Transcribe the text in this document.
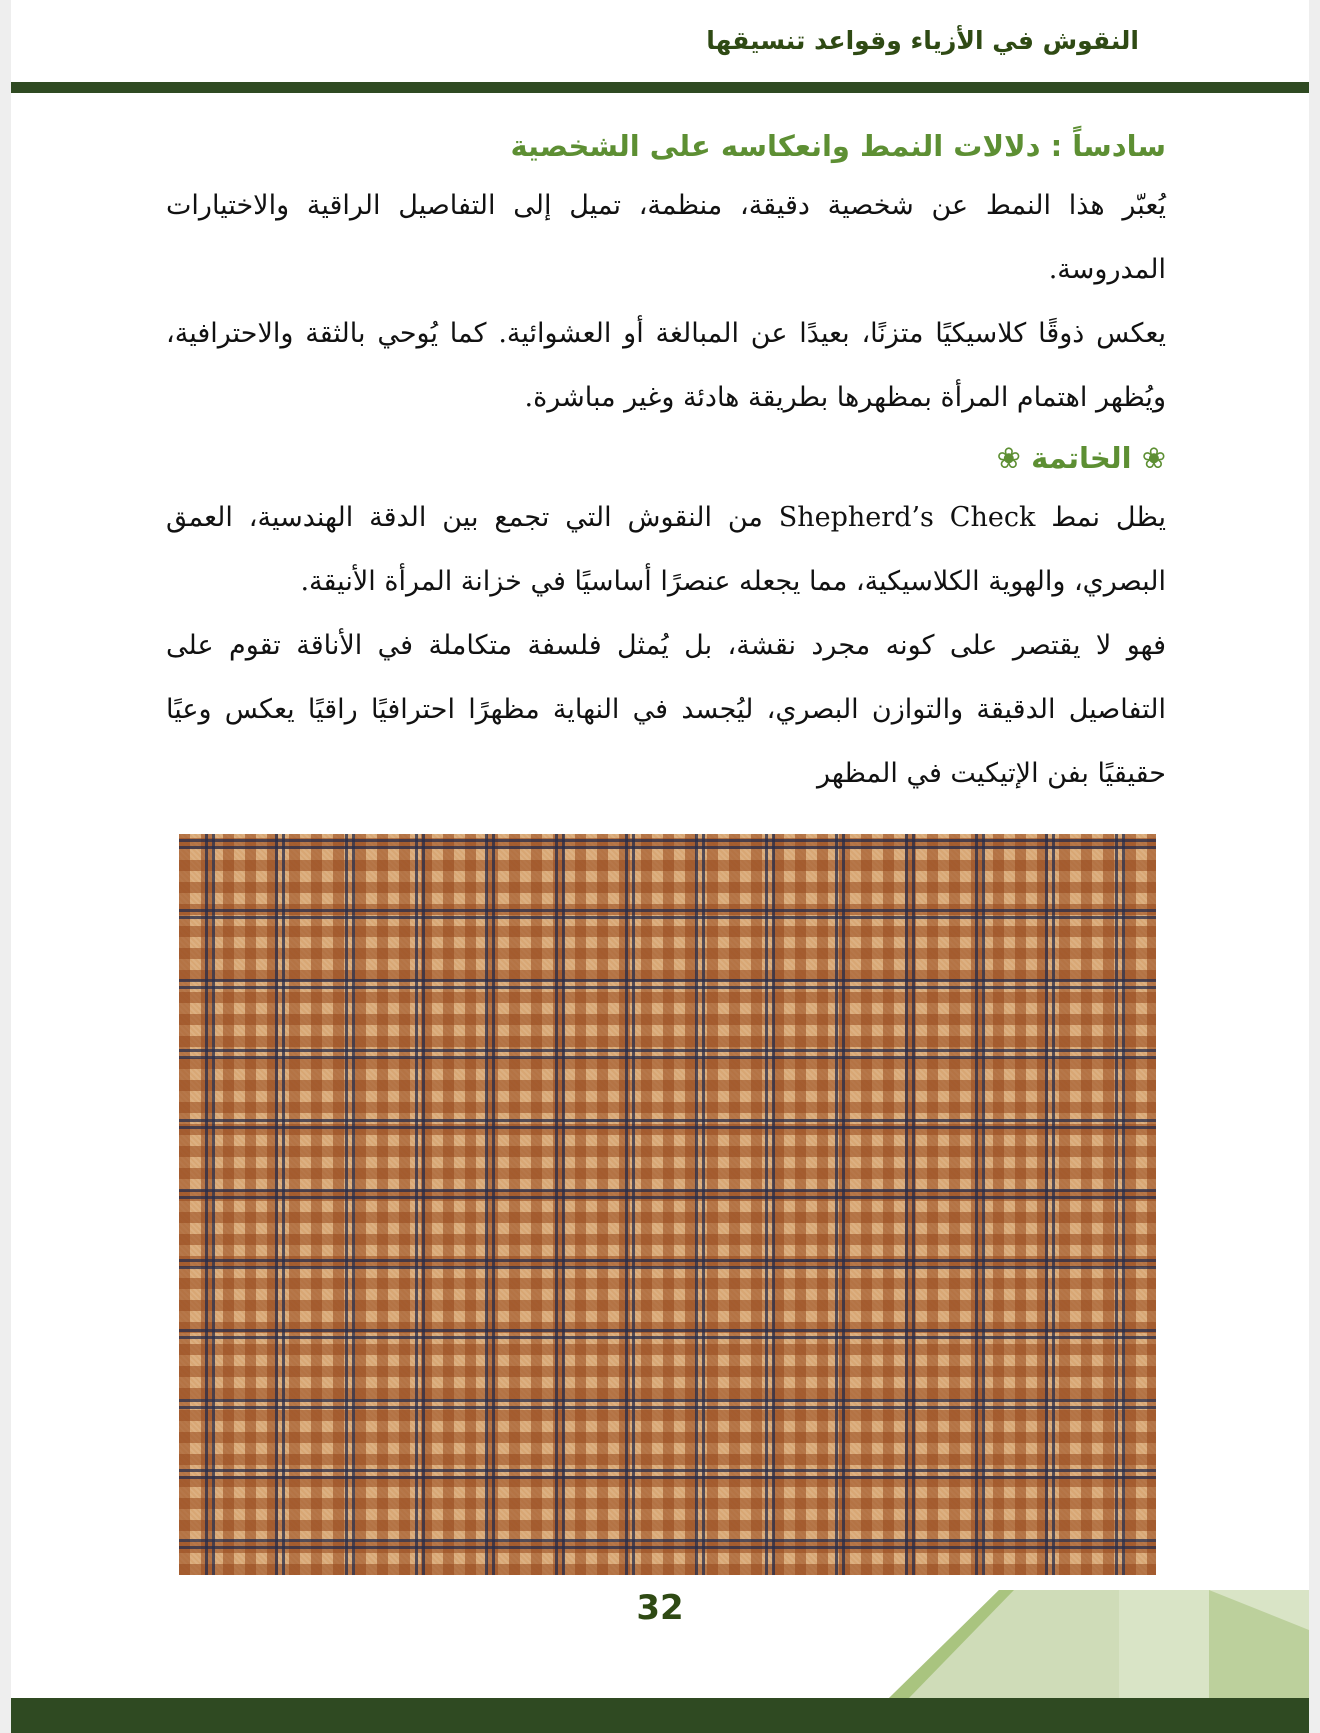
النقوش في الأزياء وقواعد تنسيقها
سادساً : دلالات النمط وانعكاسه على الشخصية

يُعبّر هذا النمط عن شخصية دقيقة، منظمة، تميل إلى التفاصيل الراقية والاختيارات المدروسة.

يعكس ذوقًا كلاسيكيًا متزنًا، بعيدًا عن المبالغة أو العشوائية. كما يُوحي بالثقة والاحترافية، ويُظهر اهتمام المرأة بمظهرها بطريقة هادئة وغير مباشرة.

❀ الخاتمة ❀

يظل نمط Shepherd’s Check من النقوش التي تجمع بين الدقة الهندسية، العمق البصري، والهوية الكلاسيكية، مما يجعله عنصرًا أساسيًا في خزانة المرأة الأنيقة.

فهو لا يقتصر على كونه مجرد نقشة، بل يُمثل فلسفة متكاملة في الأناقة تقوم على التفاصيل الدقيقة والتوازن البصري، ليُجسد في النهاية مظهرًا احترافيًا راقيًا يعكس وعيًا حقيقيًا بفن الإتيكيت في المظهر

32
